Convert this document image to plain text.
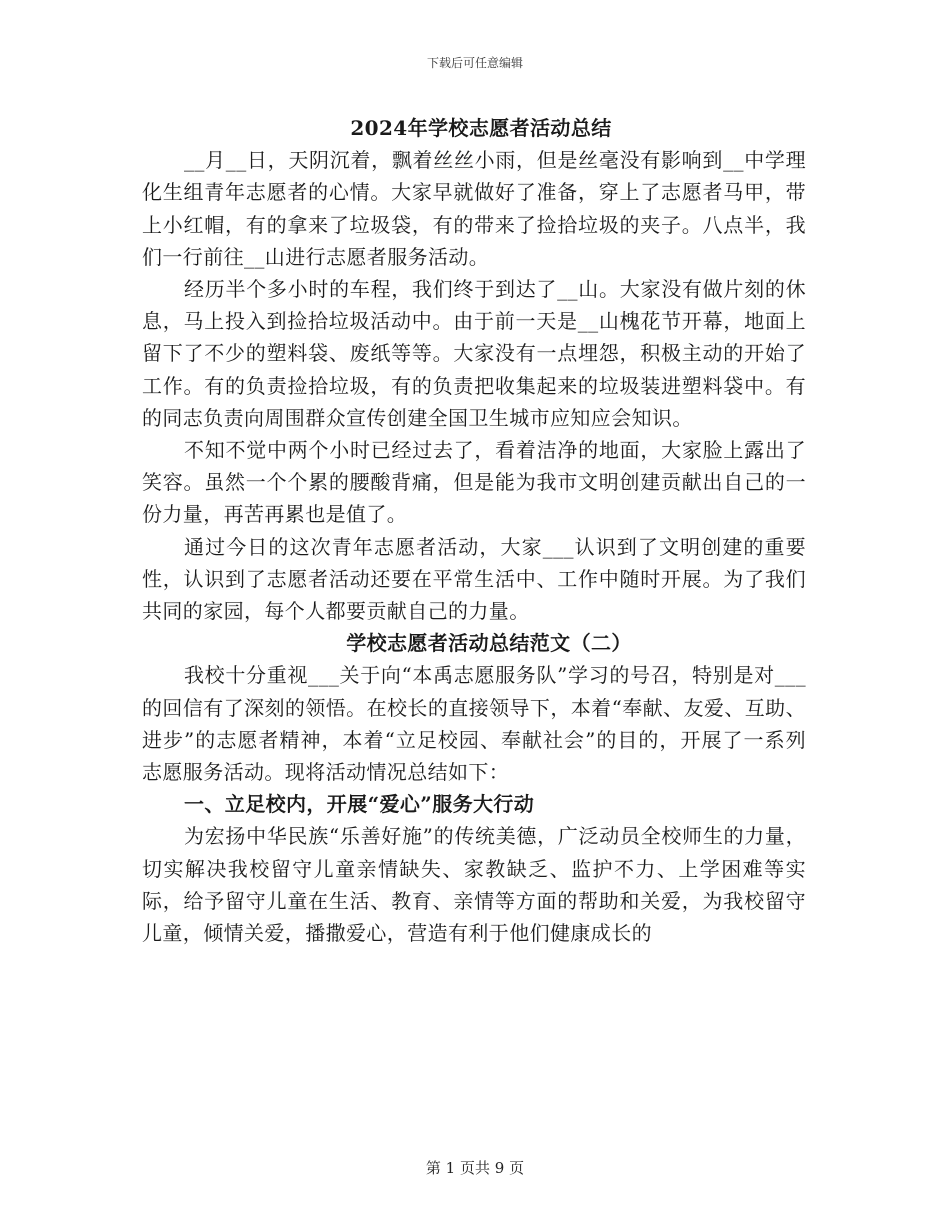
下载后可任意编辑
2024年学校志愿者活动总结

__月__日，天阴沉着，飘着丝丝小雨，但是丝毫没有影响到__中学理化生组青年志愿者的心情。大家早就做好了准备，穿上了志愿者马甲，带上小红帽，有的拿来了垃圾袋，有的带来了捡拾垃圾的夹子。八点半，我们一行前往__山进行志愿者服务活动。

经历半个多小时的车程，我们终于到达了__山。大家没有做片刻的休息，马上投入到捡拾垃圾活动中。由于前一天是__山槐花节开幕，地面上留下了不少的塑料袋、废纸等等。大家没有一点埋怨，积极主动的开始了工作。有的负责捡拾垃圾，有的负责把收集起来的垃圾装进塑料袋中。有的同志负责向周围群众宣传创建全国卫生城市应知应会知识。

不知不觉中两个小时已经过去了，看着洁净的地面，大家脸上露出了笑容。虽然一个个累的腰酸背痛，但是能为我市文明创建贡献出自己的一份力量，再苦再累也是值了。

通过今日的这次青年志愿者活动，大家___认识到了文明创建的重要性，认识到了志愿者活动还要在平常生活中、工作中随时开展。为了我们共同的家园，每个人都要贡献自己的力量。

学校志愿者活动总结范文（二）

我校十分重视___关于向“本禹志愿服务队”学习的号召，特别是对___的回信有了深刻的领悟。在校长的直接领导下，本着“奉献、友爱、互助、进步”的志愿者精神，本着“立足校园、奉献社会”的目的，开展了一系列志愿服务活动。现将活动情况总结如下：

一、立足校内，开展“爱心”服务大行动

为宏扬中华民族“乐善好施”的传统美德，广泛动员全校师生的力量，切实解决我校留守儿童亲情缺失、家教缺乏、监护不力、上学困难等实际，给予留守儿童在生活、教育、亲情等方面的帮助和关爱，为我校留守儿童，倾情关爱，播撒爱心，营造有利于他们健康成长的

第 1 页共 9 页
